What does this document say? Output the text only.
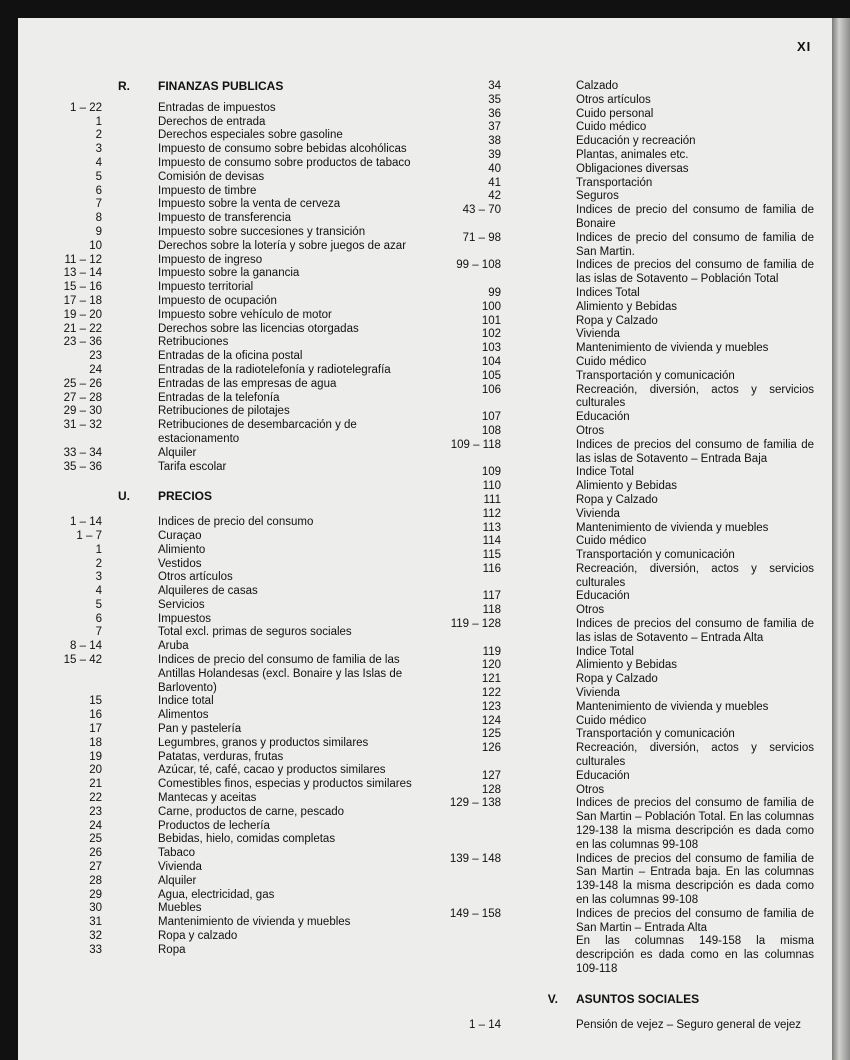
XI
R.	FINANZAS PUBLICAS
1 – 22	Entradas de impuestos
1	Derechos de entrada
2	Derechos especiales sobre gasoline
3	Impuesto de consumo sobre bebidas alcohólicas
4	Impuesto de consumo sobre productos de tabaco
5	Comisión de devisas
6	Impuesto de timbre
7	Impuesto sobre la venta de cerveza
8	Impuesto de transferencia
9	Impuesto sobre succesiones y transición
10	Derechos sobre la lotería y sobre juegos de azar
11 – 12	Impuesto de ingreso
13 – 14	Impuesto sobre la ganancia
15 – 16	Impuesto territorial
17 – 18	Impuesto de ocupación
19 – 20	Impuesto sobre vehículo de motor
21 – 22	Derechos sobre las licencias otorgadas
23 – 36	Retribuciones
23	Entradas de la oficina postal
24	Entradas de la radiotelefonía y radiotelegrafía
25 – 26	Entradas de las empresas de agua
27 – 28	Entradas de la telefonía
29 – 30	Retribuciones de pilotajes
31 – 32	Retribuciones de desembarcación y de estacionamento
33 – 34	Alquiler
35 – 36	Tarifa escolar
U.	PRECIOS
1 – 14	Indices de precio del consumo
1 – 7	Curaçao
1	Alimiento
2	Vestidos
3	Otros artículos
4	Alquileres de casas
5	Servicios
6	Impuestos
7	Total excl. primas de seguros sociales
8 – 14	Aruba
15 – 42	Indices de precio del consumo de familia de las Antillas Holandesas (excl. Bonaire y las Islas de Barlovento)
15	Indice total
16	Alimentos
17	Pan y pastelería
18	Legumbres, granos y productos similares
19	Patatas, verduras, frutas
20	Azúcar, té, café, cacao y productos similares
21	Comestibles finos, especias y productos similares
22	Mantecas y aceitas
23	Carne, productos de carne, pescado
24	Productos de lechería
25	Bebidas, hielo, comidas completas
26	Tabaco
27	Vivienda
28	Alquiler
29	Agua, electricidad, gas
30	Muebles
31	Mantenimiento de vivienda y muebles
32	Ropa y calzado
33	Ropa
34	Calzado
35	Otros artículos
36	Cuido personal
37	Cuido médico
38	Educación y recreación
39	Plantas, animales etc.
40	Obligaciones diversas
41	Transportación
42	Seguros
43 – 70	Indices de precio del consumo de familia de Bonaire
71 – 98	Indices de precio del consumo de familia de San Martin.
99 – 108	Indices de precios del consumo de familia de las islas de Sotavento – Población Total
99	Indices Total
100	Alimiento y Bebidas
101	Ropa y Calzado
102	Vivienda
103	Mantenimiento de vivienda y muebles
104	Cuido médico
105	Transportación y comunicación
106	Recreación, diversión, actos y servicios culturales
107	Educación
108	Otros
109 – 118	Indices de precios del consumo de familia de las islas de Sotavento – Entrada Baja
109	Indice Total
110	Alimiento y Bebidas
111	Ropa y Calzado
112	Vivienda
113	Mantenimiento de vivienda y muebles
114	Cuido médico
115	Transportación y comunicación
116	Recreación, diversión, actos y servicios culturales
117	Educación
118	Otros
119 – 128	Indices de precios del consumo de familia de las islas de Sotavento – Entrada Alta
119	Indice Total
120	Alimiento y Bebidas
121	Ropa y Calzado
122	Vivienda
123	Mantenimiento de vivienda y muebles
124	Cuido médico
125	Transportación y comunicación
126	Recreación, diversión, actos y servicios culturales
127	Educación
128	Otros
129 – 138	Indices de precios del consumo de familia de San Martin – Población Total. En las columnas 129-138 la misma descripción es dada como en las columnas 99-108
139 – 148	Indices de precios del consumo de familia de San Martin – Entrada baja. En las columnas 139-148 la misma descripción es dada como en las columnas 99-108
149 – 158	Indices de precios del consumo de familia de San Martin – Entrada Alta
En las columnas 149-158 la misma descripción es dada como en las columnas 109-118
V.	ASUNTOS SOCIALES
1 – 14	Pensión de vejez – Seguro general de vejez
